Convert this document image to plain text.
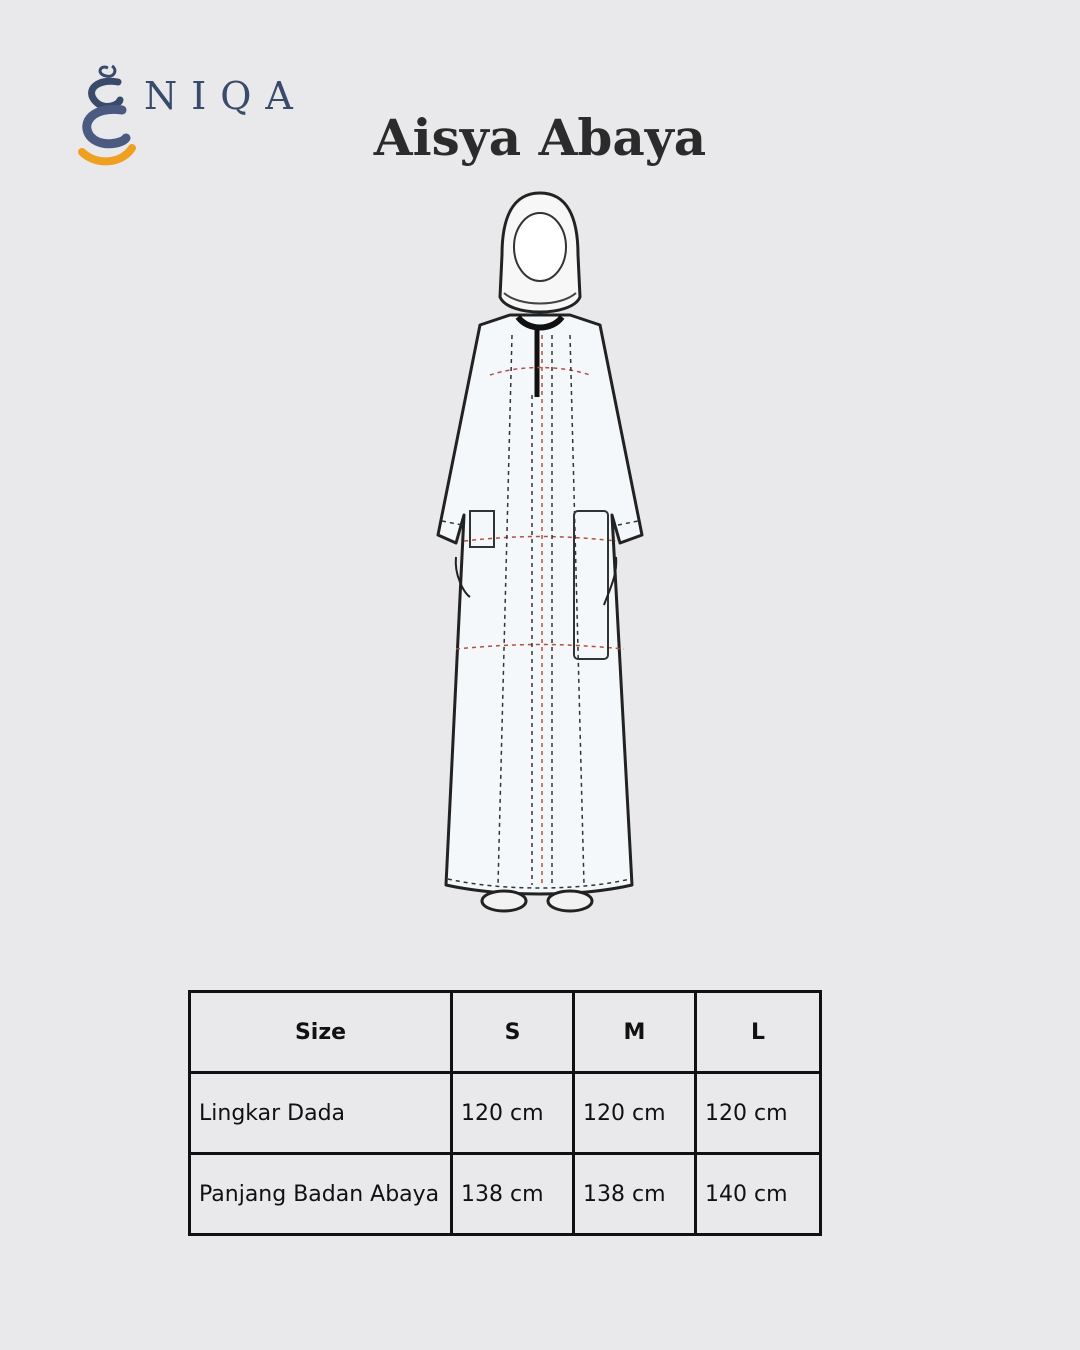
NIQA
Aisya Abaya
Size	S	M	L
Lingkar Dada	120 cm	120 cm	120 cm
Panjang Badan Abaya	138 cm	138 cm	140 cm
